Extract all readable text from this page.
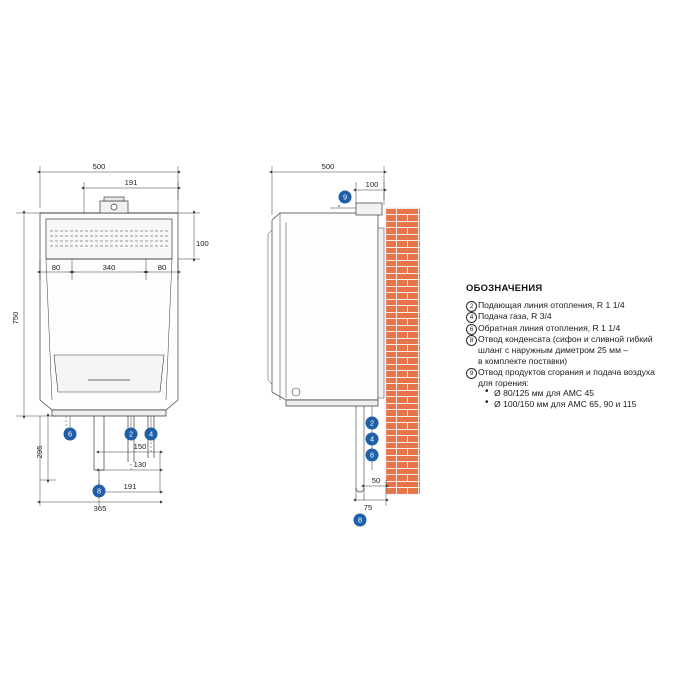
500
191
80	340	80
100
750
295	150
130
191
365
500
100
50
75
6	2 4
8
9
2
4
6
8
ОБОЗНАЧЕНИЯ
2 Подающая линия отопления, R 1 1/4
4 Подача газа, R 3/4
6 Обратная линия отопления, R 1 1/4
8 Отвод конденсата (сифон и сливной гибкий
шланг с наружным диметром 25 мм –
в комплекте поставки)
9 Отвод продуктов сгорания и подача воздуха
для горения:
• Ø 80/125 мм для AMC 45
• Ø 100/150 мм для AMC 65, 90 и 115
